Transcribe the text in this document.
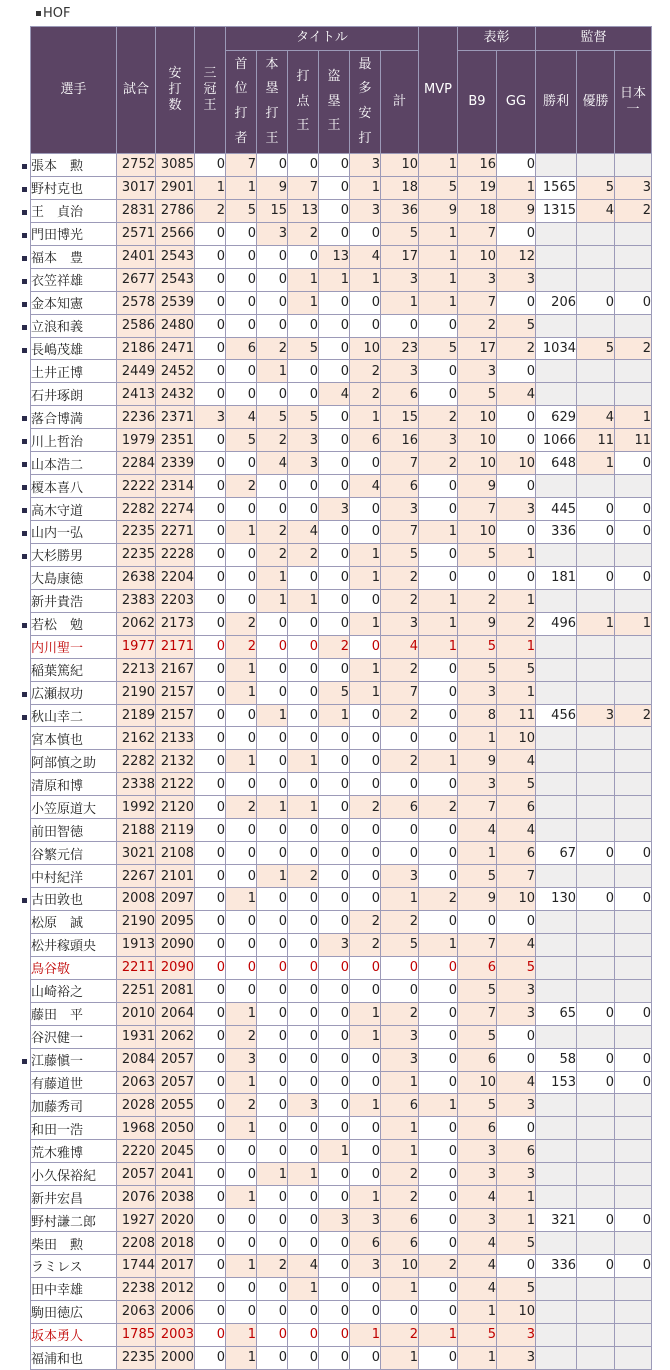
HOF
選手	試合	安打数	三冠王	タイトル						MVP	表彰		監督		
				首位打者	本塁打王	打点王	盗塁王	最多安打	計		B9	GG	勝利	優勝	日本一
張本　勲	2752	3085	0	7	0	0	0	3	10	1	16	0			
野村克也	3017	2901	1	1	9	7	0	1	18	5	19	1	1565	5	3
王　貞治	2831	2786	2	5	15	13	0	3	36	9	18	9	1315	4	2
門田博光	2571	2566	0	0	3	2	0	0	5	1	7	0			
福本　豊	2401	2543	0	0	0	0	13	4	17	1	10	12			
衣笠祥雄	2677	2543	0	0	0	1	1	1	3	1	3	3			
金本知憲	2578	2539	0	0	0	1	0	0	1	1	7	0	206	0	0
立浪和義	2586	2480	0	0	0	0	0	0	0	0	2	5			
長嶋茂雄	2186	2471	0	6	2	5	0	10	23	5	17	2	1034	5	2
土井正博	2449	2452	0	0	1	0	0	2	3	0	3	0			
石井琢朗	2413	2432	0	0	0	0	4	2	6	0	5	4			
落合博満	2236	2371	3	4	5	5	0	1	15	2	10	0	629	4	1
川上哲治	1979	2351	0	5	2	3	0	6	16	3	10	0	1066	11	11
山本浩二	2284	2339	0	0	4	3	0	0	7	2	10	10	648	1	0
榎本喜八	2222	2314	0	2	0	0	0	4	6	0	9	0			
高木守道	2282	2274	0	0	0	0	3	0	3	0	7	3	445	0	0
山内一弘	2235	2271	0	1	2	4	0	0	7	1	10	0	336	0	0
大杉勝男	2235	2228	0	0	2	2	0	1	5	0	5	1			
大島康徳	2638	2204	0	0	1	0	0	1	2	0	0	0	181	0	0
新井貴浩	2383	2203	0	0	1	1	0	0	2	1	2	1			
若松　勉	2062	2173	0	2	0	0	0	1	3	1	9	2	496	1	1
内川聖一	1977	2171	0	2	0	0	2	0	4	1	5	1			
稲葉篤紀	2213	2167	0	1	0	0	0	1	2	0	5	5			
広瀬叔功	2190	2157	0	1	0	0	5	1	7	0	3	1			
秋山幸二	2189	2157	0	0	1	0	1	0	2	0	8	11	456	3	2
宮本慎也	2162	2133	0	0	0	0	0	0	0	0	1	10			
阿部慎之助	2282	2132	0	1	0	1	0	0	2	1	9	4			
清原和博	2338	2122	0	0	0	0	0	0	0	0	3	5			
小笠原道大	1992	2120	0	2	1	1	0	2	6	2	7	6			
前田智徳	2188	2119	0	0	0	0	0	0	0	0	4	4			
谷繁元信	3021	2108	0	0	0	0	0	0	0	0	1	6	67	0	0
中村紀洋	2267	2101	0	0	1	2	0	0	3	0	5	7			
古田敦也	2008	2097	0	1	0	0	0	0	1	2	9	10	130	0	0
松原　誠	2190	2095	0	0	0	0	0	2	2	0	0	0			
松井稼頭央	1913	2090	0	0	0	0	3	2	5	1	7	4			
鳥谷敬	2211	2090	0	0	0	0	0	0	0	0	6	5			
山崎裕之	2251	2081	0	0	0	0	0	0	0	0	5	3			
藤田　平	2010	2064	0	1	0	0	0	1	2	0	7	3	65	0	0
谷沢健一	1931	2062	0	2	0	0	0	1	3	0	5	0			
江藤愼一	2084	2057	0	3	0	0	0	0	3	0	6	0	58	0	0
有藤道世	2063	2057	0	1	0	0	0	0	1	0	10	4	153	0	0
加藤秀司	2028	2055	0	2	0	3	0	1	6	1	5	3			
和田一浩	1968	2050	0	1	0	0	0	0	1	0	6	0			
荒木雅博	2220	2045	0	0	0	0	1	0	1	0	3	6			
小久保裕紀	2057	2041	0	0	1	1	0	0	2	0	3	3			
新井宏昌	2076	2038	0	1	0	0	0	1	2	0	4	1			
野村謙二郎	1927	2020	0	0	0	0	3	3	6	0	3	1	321	0	0
柴田　勲	2208	2018	0	0	0	0	0	6	6	0	4	5			
ラミレス	1744	2017	0	1	2	4	0	3	10	2	4	0	336	0	0
田中幸雄	2238	2012	0	0	0	1	0	0	1	0	4	5			
駒田徳広	2063	2006	0	0	0	0	0	0	0	0	1	10			
坂本勇人	1785	2003	0	1	0	0	0	1	2	1	5	3			
福浦和也	2235	2000	0	1	0	0	0	0	1	0	1	3			
